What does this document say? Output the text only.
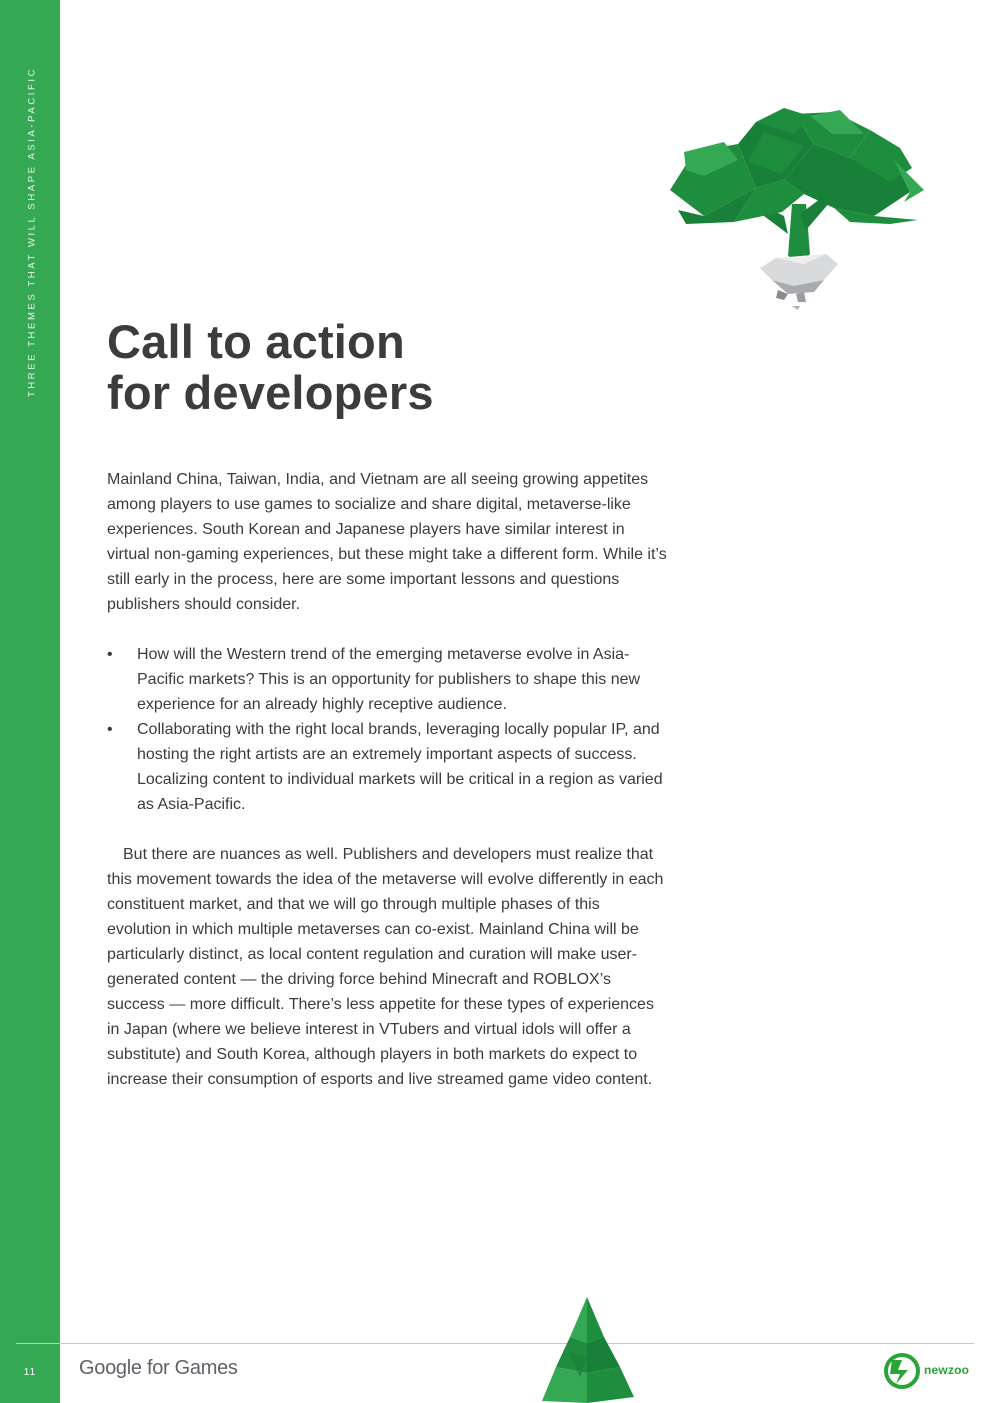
THREE THEMES THAT WILL SHAPE ASIA-PACIFIC
11
Call to action
for developers
Mainland China, Taiwan, India, and Vietnam are all seeing growing appetites among players to use games to socialize and share digital, metaverse-like experiences. South Korean and Japanese players have similar interest in virtual non-gaming experiences, but these might take a different form. While it’s still early in the process, here are some important lessons and questions publishers should consider.
•	How will the Western trend of the emerging metaverse evolve in Asia-Pacific markets? This is an opportunity for publishers to shape this new experience for an already highly receptive audience.
•	Collaborating with the right local brands, leveraging locally popular IP, and hosting the right artists are an extremely important aspects of success. Localizing content to individual markets will be critical in a region as varied as Asia-Pacific.
But there are nuances as well. Publishers and developers must realize that this movement towards the idea of the metaverse will evolve differently in each constituent market, and that we will go through multiple phases of this evolution in which multiple metaverses can co-exist. Mainland China will be particularly distinct, as local content regulation and curation will make user-generated content — the driving force behind Minecraft and ROBLOX’s success — more difficult. There’s less appetite for these types of experiences in Japan (where we believe interest in VTubers and virtual idols will offer a substitute) and South Korea, although players in both markets do expect to increase their consumption of esports and live streamed game video content.
Google for Games	newzoo
